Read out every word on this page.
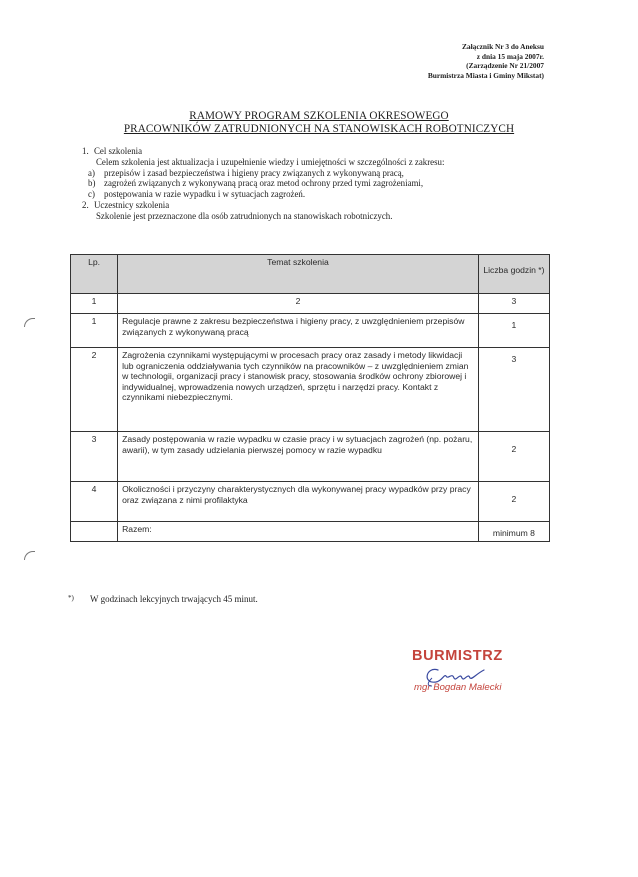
Załącznik Nr 3 do Aneksu
z dnia 15 maja 2007r.
(Zarządzenie Nr 21/2007
Burmistrza Miasta i Gminy Mikstat)
RAMOWY PROGRAM SZKOLENIA OKRESOWEGO
PRACOWNIKÓW ZATRUDNIONYCH NA STANOWISKACH ROBOTNICZYCH
1. Cel szkolenia
Celem szkolenia jest aktualizacja i uzupełnienie wiedzy i umiejętności w szczególności z zakresu:
a)	przepisów i zasad bezpieczeństwa i higieny pracy związanych z wykonywaną pracą,
b) zagrożeń związanych z wykonywaną pracą oraz metod ochrony przed tymi zagrożeniami,
c)	postępowania w razie wypadku i w sytuacjach zagrożeń.
2. Uczestnicy szkolenia
Szkolenie jest przeznaczone dla osób zatrudnionych na stanowiskach robotniczych.
Lp.	Temat szkolenia	Liczba godzin *)

1	2	3
1	Regulacje prawne z zakresu bezpieczeństwa i higieny pracy, z uwzględnieniem przepisów związanych z wykonywaną pracą	1

2	Zagrożenia czynnikami występującymi w procesach pracy oraz zasady i metody likwidacji lub ograniczenia oddziaływania tych czynników na pracowników – z uwzględnieniem zmian w technologii, organizacji pracy i stanowisk pracy, stosowania środków ochrony zbiorowej i indywidualnej, wprowadzenia nowych urządzeń, sprzętu i narzędzi pracy. Kontakt z czynnikami niebezpiecznymi.	3

3	Zasady postępowania w razie wypadku w czasie pracy i w sytuacjach zagrożeń (np. pożaru, awarii), w tym zasady udzielania pierwszej pomocy w razie wypadku	2

4	Okoliczności i przyczyny charakterystycznych dla wykonywanej pracy wypadków przy pracy oraz związana z nimi profilaktyka	2

	Razem:	minimum 8
*)	W godzinach lekcyjnych trwających 45 minut.
BURMISTRZ
mgr Bogdan Malecki
